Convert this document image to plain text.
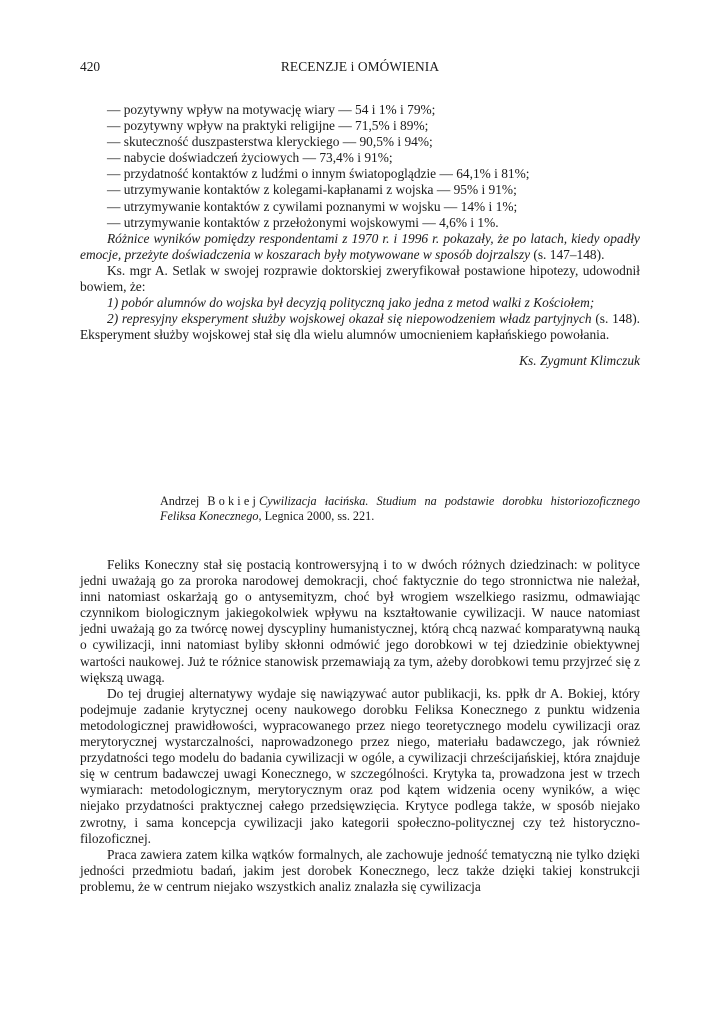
420	RECENZJE i OMÓWIENIA

— pozytywny wpływ na motywację wiary — 54 i 1% i 79%;

— pozytywny wpływ na praktyki religijne — 71,5% i 89%;

— skuteczność duszpasterstwa kleryckiego — 90,5% i 94%;

— nabycie doświadczeń życiowych — 73,4% i 91%;

— przydatność kontaktów z ludźmi o innym światopoglądzie — 64,1% i 81%;

— utrzymywanie kontaktów z kolegami-kapłanami z wojska — 95% i 91%;

— utrzymywanie kontaktów z cywilami poznanymi w wojsku — 14% i 1%;

— utrzymywanie kontaktów z przełożonymi wojskowymi — 4,6% i 1%.

Różnice wyników pomiędzy respondentami z 1970 r. i 1996 r. pokazały, że po latach, kiedy opadły emocje, przeżyte doświadczenia w koszarach były motywowane w sposób dojrzalszy (s. 147–148).

Ks. mgr A. Setlak w swojej rozprawie doktorskiej zweryfikował postawione hipotezy, udowodnił bowiem, że:

1) pobór alumnów do wojska był decyzją polityczną jako jedna z metod walki z Kościołem;

2) represyjny eksperyment służby wojskowej okazał się niepowodzeniem władz partyjnych (s. 148). Eksperyment służby wojskowej stał się dla wielu alumnów umocnieniem kapłańskiego powołania.

Ks. Zygmunt Klimczuk

Andrzej BokiejCywilizacja łacińska. Studium na podstawie dorobku historiozoficznego Feliksa Konecznego, Legnica 2000, ss. 221.

Feliks Koneczny stał się postacią kontrowersyjną i to w dwóch różnych dziedzinach: w polityce jedni uważają go za proroka narodowej demokracji, choć faktycznie do tego stronnictwa nie należał, inni natomiast oskarżają go o antysemityzm, choć był wrogiem wszelkiego rasizmu, odmawiając czynnikom biologicznym jakiegokolwiek wpływu na kształtowanie cywilizacji. W nauce natomiast jedni uważają go za twórcę nowej dyscypliny humanistycznej, którą chcą nazwać komparatywną nauką o cywilizacji, inni natomiast byliby skłonni odmówić jego dorobkowi w tej dziedzinie obiektywnej wartości naukowej. Już te różnice stanowisk przemawiają za tym, ażeby dorobkowi temu przyjrzeć się z większą uwagą.

Do tej drugiej alternatywy wydaje się nawiązywać autor publikacji, ks. ppłk dr A. Bokiej, który podejmuje zadanie krytycznej oceny naukowego dorobku Feliksa Konecznego z punktu widzenia metodologicznej prawidłowości, wypracowanego przez niego teoretycznego modelu cywilizacji oraz merytorycznej wystarczalności, naprowadzonego przez niego, materiału badawczego, jak również przydatności tego modelu do badania cywilizacji w ogóle, a cywilizacji chrześcijańskiej, która znajduje się w centrum badawczej uwagi Konecznego, w szczególności. Krytyka ta, prowadzona jest w trzech wymiarach: metodologicznym, merytorycznym oraz pod kątem widzenia oceny wyników, a więc niejako przydatności praktycznej całego przedsięwzięcia. Krytyce podlega także, w sposób niejako zwrotny, i sama koncepcja cywilizacji jako kategorii społeczno-politycznej czy też historyczno-filozoficznej.

Praca zawiera zatem kilka wątków formalnych, ale zachowuje jedność tematyczną nie tylko dzięki jedności przedmiotu badań, jakim jest dorobek Konecznego, lecz także dzięki takiej konstrukcji problemu, że w centrum niejako wszystkich analiz znalazła się cywilizacja
